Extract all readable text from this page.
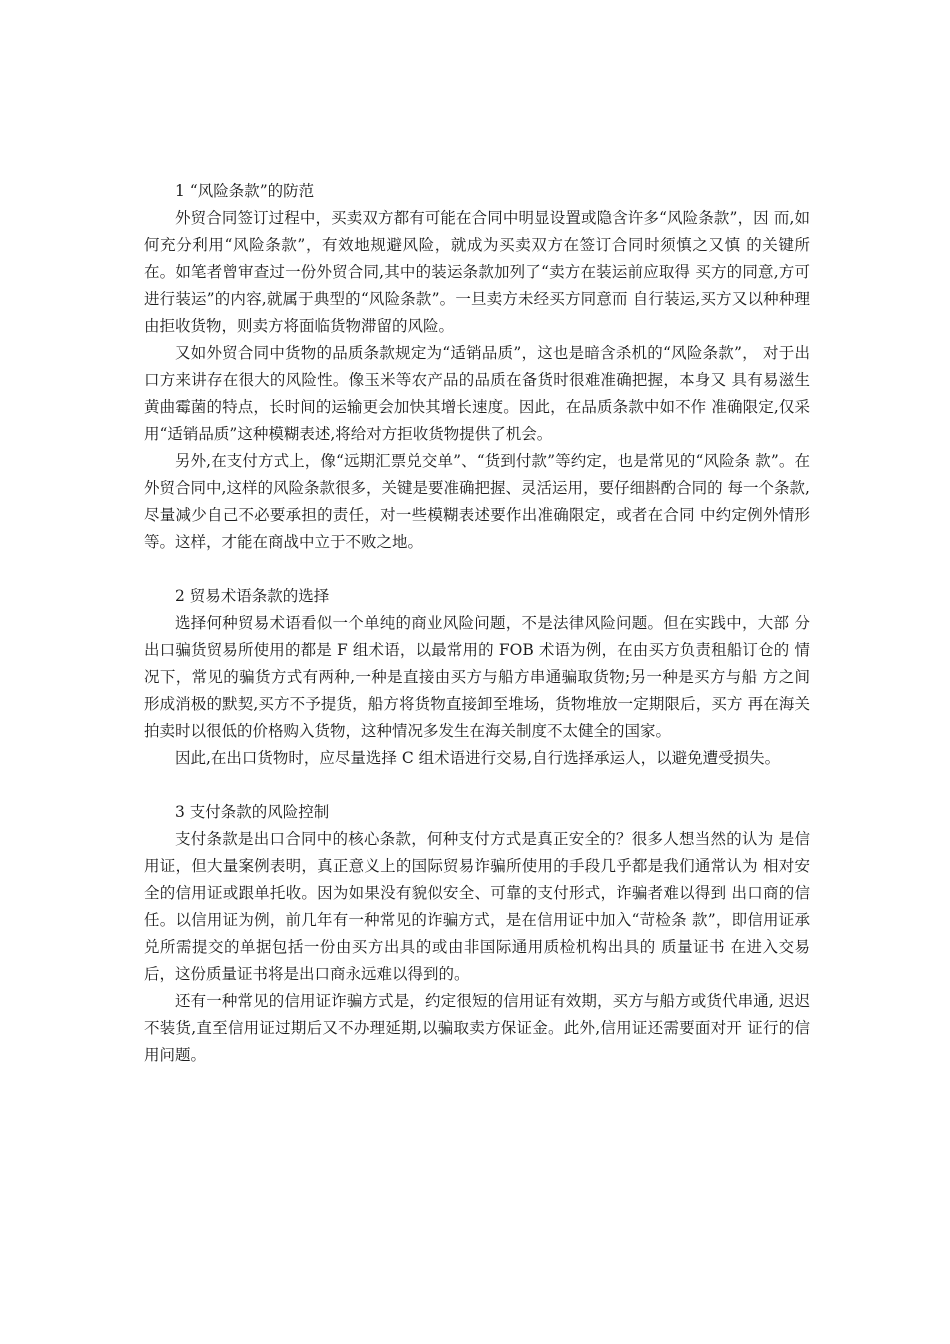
1 “风险条款”的防范

外贸合同签订过程中，买卖双方都有可能在合同中明显设置或隐含许多“风险条款”，因 而,如何充分利用“风险条款”，有效地规避风险，就成为买卖双方在签订合同时须慎之又慎 的关键所在。如笔者曾审查过一份外贸合同,其中的装运条款加列了“卖方在装运前应取得 买方的同意,方可进行装运”的内容,就属于典型的“风险条款”。一旦卖方未经买方同意而 自行装运,买方又以种种理由拒收货物，则卖方将面临货物滞留的风险。

又如外贸合同中货物的品质条款规定为“适销品质”，这也是暗含杀机的“风险条款”， 对于出口方来讲存在很大的风险性。像玉米等农产品的品质在备货时很难准确把握，本身又 具有易滋生黄曲霉菌的特点，长时间的运输更会加快其增长速度。因此，在品质条款中如不作 准确限定,仅采用“适销品质”这种模糊表述,将给对方拒收货物提供了机会。

另外,在支付方式上，像“远期汇票兑交单”、“货到付款”等约定，也是常见的“风险条 款”。在外贸合同中,这样的风险条款很多，关键是要准确把握、灵活运用，要仔细斟酌合同的 每一个条款,尽量减少自己不必要承担的责任，对一些模糊表述要作出准确限定，或者在合同 中约定例外情形等。这样，才能在商战中立于不败之地。

2 贸易术语条款的选择

选择何种贸易术语看似一个单纯的商业风险问题，不是法律风险问题。但在实践中，大部 分出口骗货贸易所使用的都是 F 组术语，以最常用的 FOB 术语为例，在由买方负责租船订仓的 情况下，常见的骗货方式有两种,一种是直接由买方与船方串通骗取货物;另一种是买方与船 方之间形成消极的默契,买方不予提货，船方将货物直接卸至堆场，货物堆放一定期限后，买方 再在海关拍卖时以很低的价格购入货物，这种情况多发生在海关制度不太健全的国家。

因此,在出口货物时，应尽量选择 C 组术语进行交易,自行选择承运人，以避免遭受损失。

3 支付条款的风险控制

支付条款是出口合同中的核心条款，何种支付方式是真正安全的？很多人想当然的认为 是信用证，但大量案例表明，真正意义上的国际贸易诈骗所使用的手段几乎都是我们通常认为 相对安全的信用证或跟单托收。因为如果没有貌似安全、可靠的支付形式，诈骗者难以得到 出口商的信任。以信用证为例，前几年有一种常见的诈骗方式，是在信用证中加入“苛检条 款”，即信用证承兑所需提交的单据包括一份由买方出具的或由非国际通用质检机构出具的 质量证书 在进入交易后，这份质量证书将是出口商永远难以得到的。

还有一种常见的信用证诈骗方式是，约定很短的信用证有效期，买方与船方或货代串通, 迟迟不装货,直至信用证过期后又不办理延期,以骗取卖方保证金。此外,信用证还需要面对开 证行的信用问题。
